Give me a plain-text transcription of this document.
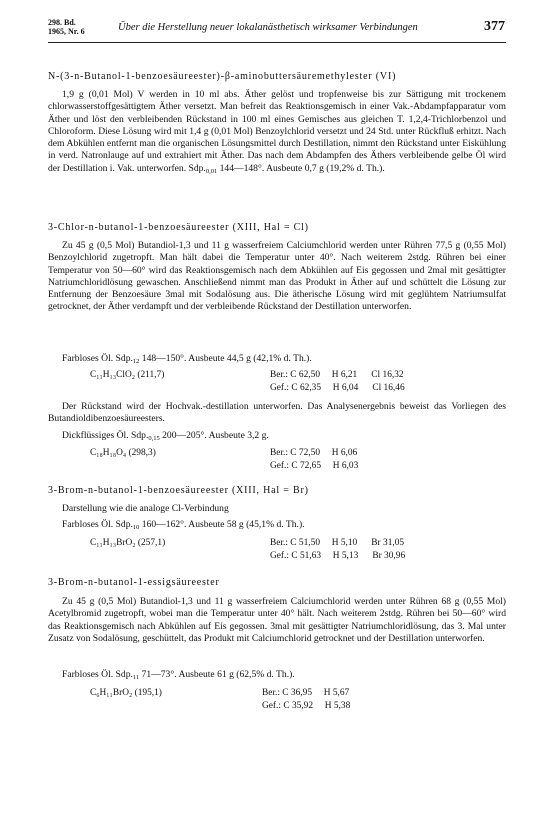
298. Bd.
1965, Nr. 6	Über die Herstellung neuer lokalanästhetisch wirksamer Verbindungen	377
N-(3-n-Butanol-1-benzoesäureester)-β-aminobuttersäuremethylester (VI)
1,9 g (0,01 Mol) V werden in 10 ml abs. Äther gelöst und tropfenweise bis zur Sättigung mit trockenem chlorwasserstoffgesättigtem Äther versetzt. Man befreit das Reaktionsgemisch in einer Vak.-Abdampfapparatur vom Äther und löst den verbleibenden Rückstand in 100 ml eines Gemisches aus gleichen T. 1,2,4-Trichlorbenzol und Chloroform. Diese Lösung wird mit 1,4 g (0,01 Mol) Benzoylchlorid versetzt und 24 Std. unter Rückfluß erhitzt. Nach dem Abkühlen entfernt man die organischen Lösungsmittel durch Destillation, nimmt den Rückstand unter Eiskühlung in verd. Natronlauge auf und extrahiert mit Äther. Das nach dem Abdampfen des Äthers verbleibende gelbe Öl wird der Destillation i. Vak. unterworfen. $Sdp._{0,01}$ 144—148°. Ausbeute 0,7 g (19,2% d. Th.).
3-Chlor-n-butanol-1-benzoesäureester (XIII, Hal = Cl)
Zu 45 g (0,5 Mol) Butandiol-1,3 und 11 g wasserfreiem Calciumchlorid werden unter Rühren 77,5 g (0,55 Mol) Benzoylchlorid zugetropft. Man hält dabei die Temperatur unter 40°. Nach weiterem 2stdg. Rühren bei einer Temperatur von 50—60° wird das Reaktionsgemisch nach dem Abkühlen auf Eis gegossen und 2mal mit gesättigter Natriumchloridlösung gewaschen. Anschließend nimmt man das Produkt in Äther auf und schüttelt die Lösung zur Entfernung der Benzoesäure 3mal mit Sodalösung aus. Die ätherische Lösung wird mit geglühtem Natriumsulfat getrocknet, der Äther verdampft und der verbleibende Rückstand der Destillation unterworfen.
Farbloses Öl. $Sdp._{12}$ 148—150°. Ausbeute 44,5 g (42,1% d. Th.).
C₁₁H₁₃ClO₂ (211,7)	Ber.: C 62,50     H 6,21      Cl 16,32
Gef.: C 62,35     H 6,04      Cl 16,46
Der Rückstand wird der Hochvak.-destillation unterworfen. Das Analysenergebnis beweist das Vorliegen des Butandioldibenzoesäureesters.
Dickflüssiges Öl. $Sdp._{0,15}$ 200—205°. Ausbeute 3,2 g.
C₁₈H₁₈O₄ (298,3)	Ber.: C 72,50     H 6,06
Gef.: C 72,65     H 6,03
3-Brom-n-butanol-1-benzoesäureester (XIII, Hal = Br)
Darstellung wie die analoge Cl-Verbindung
Farbloses Öl. $Sdp._{10}$ 160—162°. Ausbeute 58 g (45,1% d. Th.).
C₁₁H₁₃BrO₂ (257,1)	Ber.: C 51,50     H 5,10      Br 31,05
Gef.: C 51,63     H 5,13      Br 30,96
3-Brom-n-butanol-1-essigsäureester
Zu 45 g (0,5 Mol) Butandiol-1,3 und 11 g wasserfreiem Calciumchlorid werden unter Rühren 68 g (0,55 Mol) Acetylbromid zugetropft, wobei man die Temperatur unter 40° hält. Nach weiterem 2stdg. Rühren bei 50—60° wird das Reaktionsgemisch nach Abkühlen auf Eis gegossen. 3mal mit gesättigter Natriumchloridlösung, das 3. Mal unter Zusatz von Sodalösung, geschüttelt, das Produkt mit Calciumchlorid getrocknet und der Destillation unterworfen.
Farbloses Öl. $Sdp._{11}$ 71—73°. Ausbeute 61 g (62,5% d. Th.).
C₆H₁₁BrO₂ (195,1)	Ber.: C 36,95     H 5,67
Gef.: C 35,92     H 5,38
